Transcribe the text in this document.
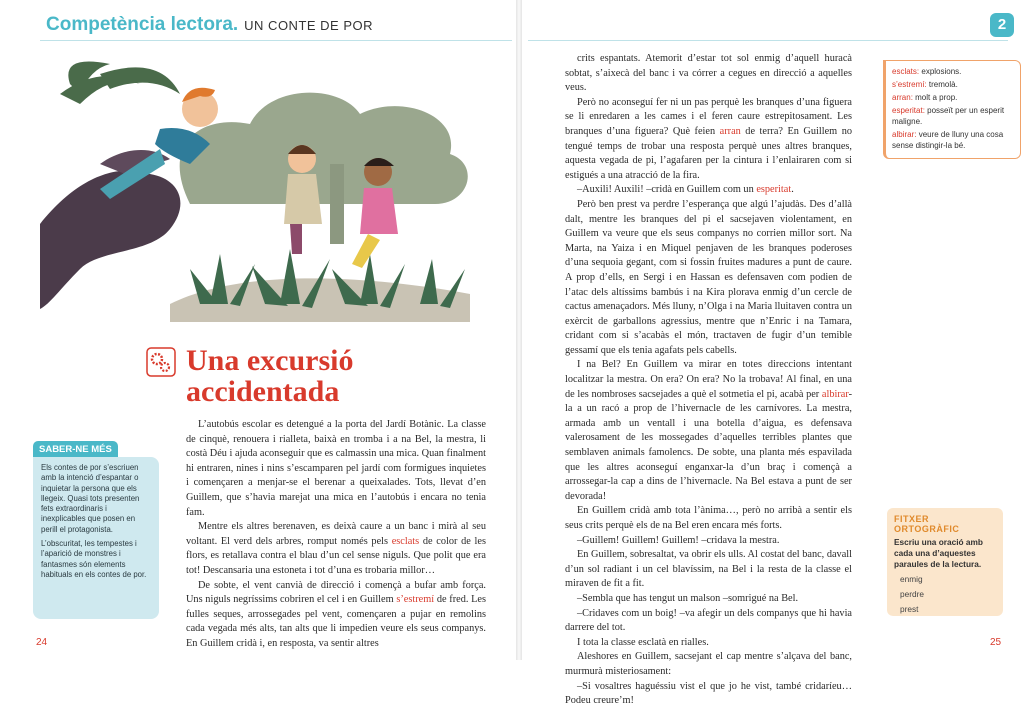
Competència lectora. UN CONTE DE POR	2
Una excursió
accidentada

L’autobús escolar es detengué a la porta del Jardí Botànic. La classe de cinquè, renouera i rialleta, baixà en tromba i a na Bel, la mestra, li costà Déu i ajuda aconseguir que es calmassin una mica. Quan finalment hi entraren, nines i nins s’escamparen pel jardí com formigues inquietes i començaren a menjar-se el berenar a queixalades. Tots, llevat d’en Guillem, que s’havia marejat una mica en l’autobús i encara no tenia fam.

Mentre els altres berenaven, es deixà caure a un banc i mirà al seu voltant. El verd dels arbres, romput només pels esclats de color de les flors, es retallava contra el blau d’un cel sense niguls. Que polit que era tot! Descansaria una estoneta i tot d’una es trobaria millor…

De sobte, el vent canvià de direcció i començà a bufar amb força. Uns niguls negríssims cobriren el cel i en Guillem s’estremí de fred. Les fulles seques, arrossegades pel vent, començaren a pujar en remolins cada vegada més alts, tan alts que li impedien veure els seus companys. En Guillem cridà i, en resposta, va sentir altres

crits espantats. Atemorit d’estar tot sol enmig d’aquell huracà sobtat, s’aixecà del banc i va córrer a cegues en direcció a aquelles veus.

Però no aconseguí fer ni un pas perquè les branques d’una figuera se li enredaren a les cames i el feren caure estrepitosament. Les branques d’una figuera? Què feien arran de terra? En Guillem no tengué temps de trobar una resposta perquè unes altres branques, aquesta vegada de pi, l’agafaren per la cintura i l’enlairaren com si estigués a una atracció de la fira.

–Auxili! Auxili! –cridà en Guillem com un esperitat.

Però ben prest va perdre l’esperança que algú l’ajudàs. Des d’allà dalt, mentre les branques del pi el sacsejaven violentament, en Guillem va veure que els seus companys no corrien millor sort. Na Marta, na Yaiza i en Miquel penjaven de les branques poderoses d’una sequoia gegant, com si fossin fruites madures a punt de caure. A prop d’ells, en Sergi i en Hassan es defensaven com podien de l’atac dels altíssims bambús i na Kira plorava enmig d’un cercle de cactus amenaçadors. Més lluny, n’Olga i na Maria lluitaven contra un exèrcit de garballons agressius, mentre que n’Enric i na Tamara, cridant com si s’acabàs el món, tractaven de fugir d’un temible gessamí que els tenia agafats pels cabells.

I na Bel? En Guillem va mirar en totes direccions intentant localitzar la mestra. On era? On era? No la trobava! Al final, en una de les nombroses sacsejades a què el sotmetia el pi, acabà per albirar-la a un racó a prop de l’hivernacle de les carnívores. La mestra, armada amb un ventall i una botella d’aigua, es defensava valerosament de les mossegades d’aquelles terribles plantes que semblaven animals famolencs. De sobte, una planta més espavilada que les altres aconseguí enganxar-la d’un braç i començà a arrossegar-la cap a dins de l’hivernacle. Na Bel estava a punt de ser devorada!

En Guillem cridà amb tota l’ànima…, però no arribà a sentir els seus crits perquè els de na Bel eren encara més forts.

–Guillem! Guillem! Guillem! –cridava la mestra.

En Guillem, sobresaltat, va obrir els ulls. Al costat del banc, davall d’un sol radiant i un cel blavíssim, na Bel i la resta de la classe el miraven de fit a fit.

–Sembla que has tengut un malson –somrigué na Bel.

–Cridaves com un boig! –va afegir un dels companys que hi havia darrere del tot.

I tota la classe esclatà en rialles.

Aleshores en Guillem, sacsejant el cap mentre s’alçava del banc, murmurà misteriosament:

–Si vosaltres haguéssiu vist el que jo he vist, també cridaríeu… Podeu creure’m!

SABER-NE MÉS

Els contes de por s’escriuen amb la intenció d’espantar o inquietar la persona que els llegeix. Quasi tots presenten fets extraordinaris i inexplicables que posen en perill el protagonista.

L’obscuritat, les tempestes i l’aparició de monstres i fantasmes són elements habituals en els contes de por.

esclats: explosions.
s’estremí: tremolà.
arran: molt a prop.
esperitat: posseït per un esperit maligne.
albirar: veure de lluny una cosa sense distingir-la bé.
FITXER ORTOGRÀFIC
Escriu una oració amb cada una d’aquestes paraules de la lectura.
enmig
perdre
prest
24	25
